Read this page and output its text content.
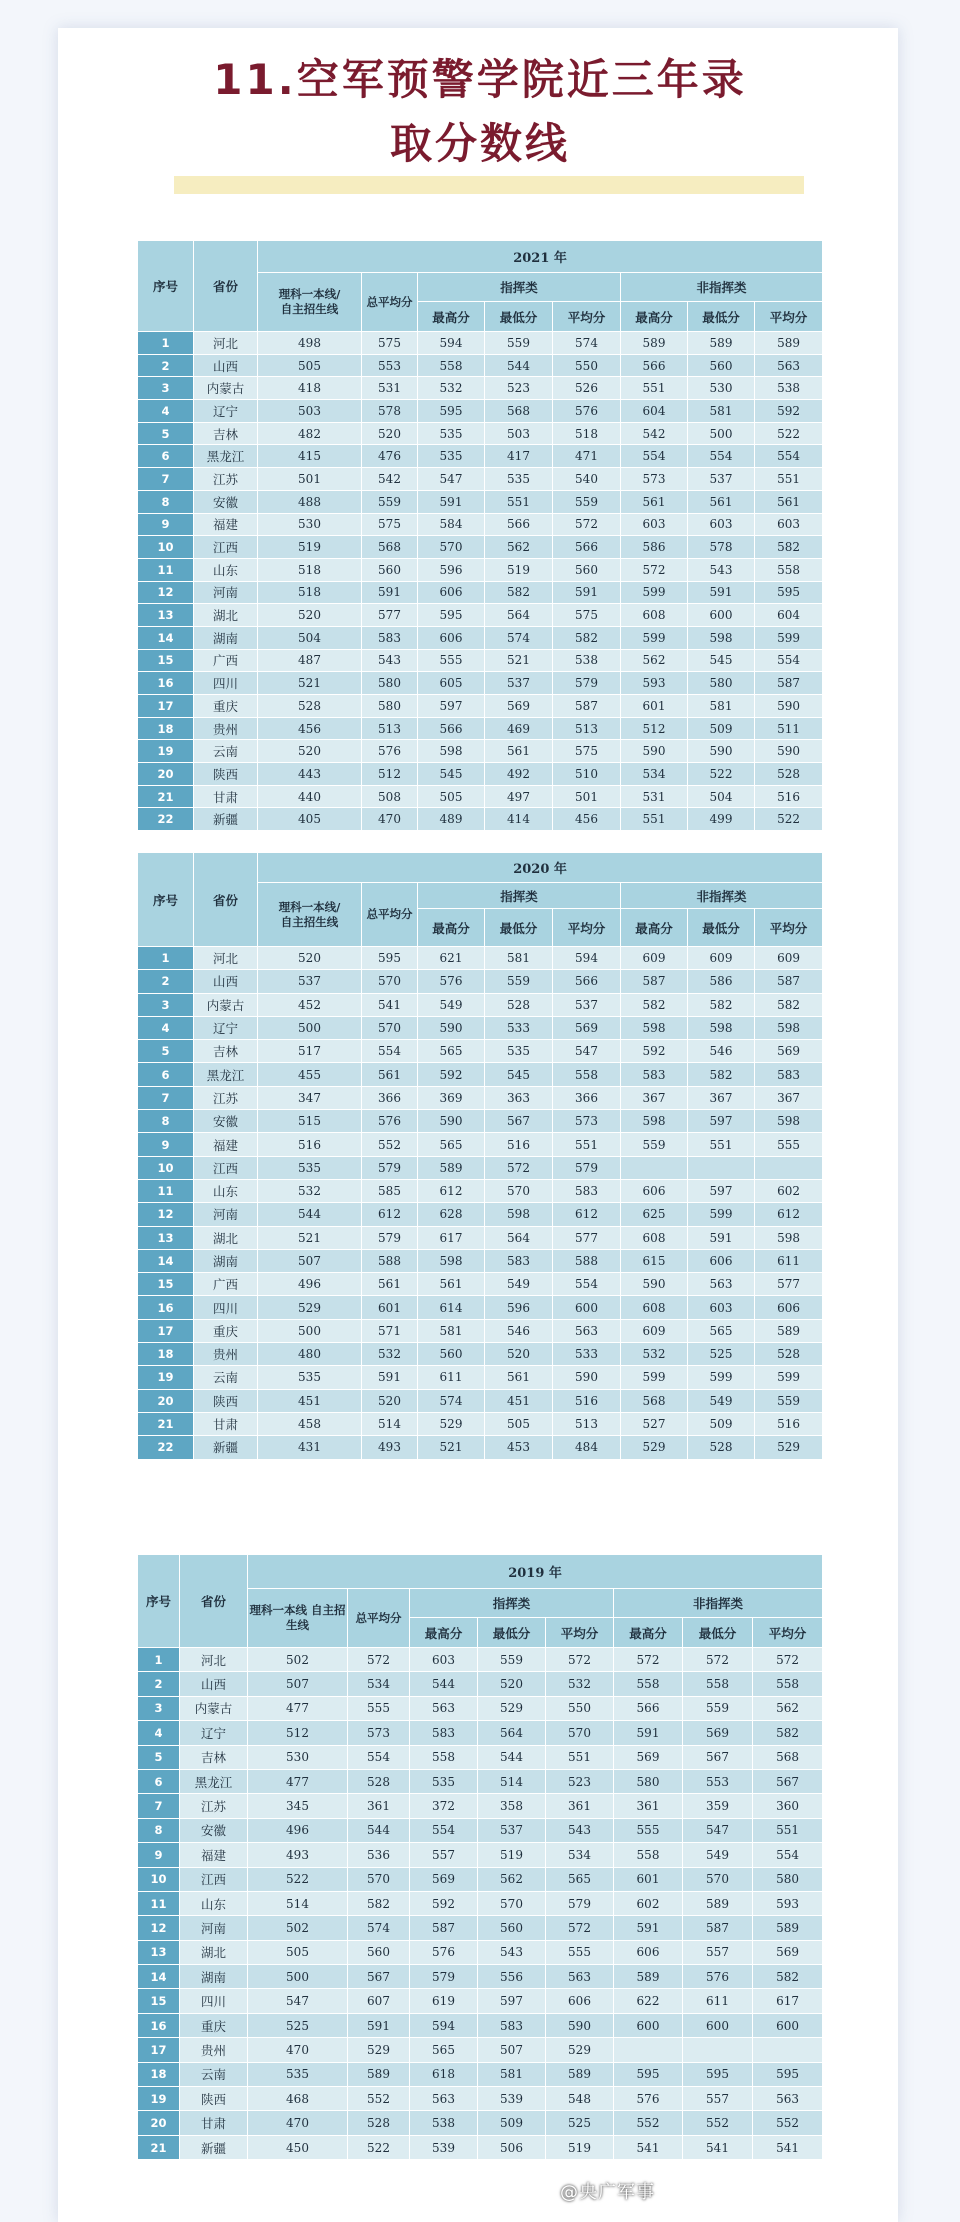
11.空军预警学院近三年录
取分数线
序号	省份	2021 年							
		理科一本线/
自主招生线	总平均分	指挥类			非指挥类		
				最高分	最低分	平均分	最高分	最低分	平均分
1	河北	498	575	594	559	574	589	589	589
2	山西	505	553	558	544	550	566	560	563
3	内蒙古	418	531	532	523	526	551	530	538
4	辽宁	503	578	595	568	576	604	581	592
5	吉林	482	520	535	503	518	542	500	522
6	黑龙江	415	476	535	417	471	554	554	554
7	江苏	501	542	547	535	540	573	537	551
8	安徽	488	559	591	551	559	561	561	561
9	福建	530	575	584	566	572	603	603	603
10	江西	519	568	570	562	566	586	578	582
11	山东	518	560	596	519	560	572	543	558
12	河南	518	591	606	582	591	599	591	595
13	湖北	520	577	595	564	575	608	600	604
14	湖南	504	583	606	574	582	599	598	599
15	广西	487	543	555	521	538	562	545	554
16	四川	521	580	605	537	579	593	580	587
17	重庆	528	580	597	569	587	601	581	590
18	贵州	456	513	566	469	513	512	509	511
19	云南	520	576	598	561	575	590	590	590
20	陕西	443	512	545	492	510	534	522	528
21	甘肃	440	508	505	497	501	531	504	516
22	新疆	405	470	489	414	456	551	499	522
序号	省份	2020 年							
		理科一本线/
自主招生线	总平均分	指挥类			非指挥类		
				最高分	最低分	平均分	最高分	最低分	平均分
1	河北	520	595	621	581	594	609	609	609
2	山西	537	570	576	559	566	587	586	587
3	内蒙古	452	541	549	528	537	582	582	582
4	辽宁	500	570	590	533	569	598	598	598
5	吉林	517	554	565	535	547	592	546	569
6	黑龙江	455	561	592	545	558	583	582	583
7	江苏	347	366	369	363	366	367	367	367
8	安徽	515	576	590	567	573	598	597	598
9	福建	516	552	565	516	551	559	551	555
10	江西	535	579	589	572	579			
11	山东	532	585	612	570	583	606	597	602
12	河南	544	612	628	598	612	625	599	612
13	湖北	521	579	617	564	577	608	591	598
14	湖南	507	588	598	583	588	615	606	611
15	广西	496	561	561	549	554	590	563	577
16	四川	529	601	614	596	600	608	603	606
17	重庆	500	571	581	546	563	609	565	589
18	贵州	480	532	560	520	533	532	525	528
19	云南	535	591	611	561	590	599	599	599
20	陕西	451	520	574	451	516	568	549	559
21	甘肃	458	514	529	505	513	527	509	516
22	新疆	431	493	521	453	484	529	528	529
序号	省份	2019 年							
		理科一本线 自主招生线	总平均分	指挥类			非指挥类		
				最高分	最低分	平均分	最高分	最低分	平均分
1	河北	502	572	603	559	572	572	572	572
2	山西	507	534	544	520	532	558	558	558
3	内蒙古	477	555	563	529	550	566	559	562
4	辽宁	512	573	583	564	570	591	569	582
5	吉林	530	554	558	544	551	569	567	568
6	黑龙江	477	528	535	514	523	580	553	567
7	江苏	345	361	372	358	361	361	359	360
8	安徽	496	544	554	537	543	555	547	551
9	福建	493	536	557	519	534	558	549	554
10	江西	522	570	569	562	565	601	570	580
11	山东	514	582	592	570	579	602	589	593
12	河南	502	574	587	560	572	591	587	589
13	湖北	505	560	576	543	555	606	557	569
14	湖南	500	567	579	556	563	589	576	582
15	四川	547	607	619	597	606	622	611	617
16	重庆	525	591	594	583	590	600	600	600
17	贵州	470	529	565	507	529			
18	云南	535	589	618	581	589	595	595	595
19	陕西	468	552	563	539	548	576	557	563
20	甘肃	470	528	538	509	525	552	552	552
21	新疆	450	522	539	506	519	541	541	541
@央广军事
